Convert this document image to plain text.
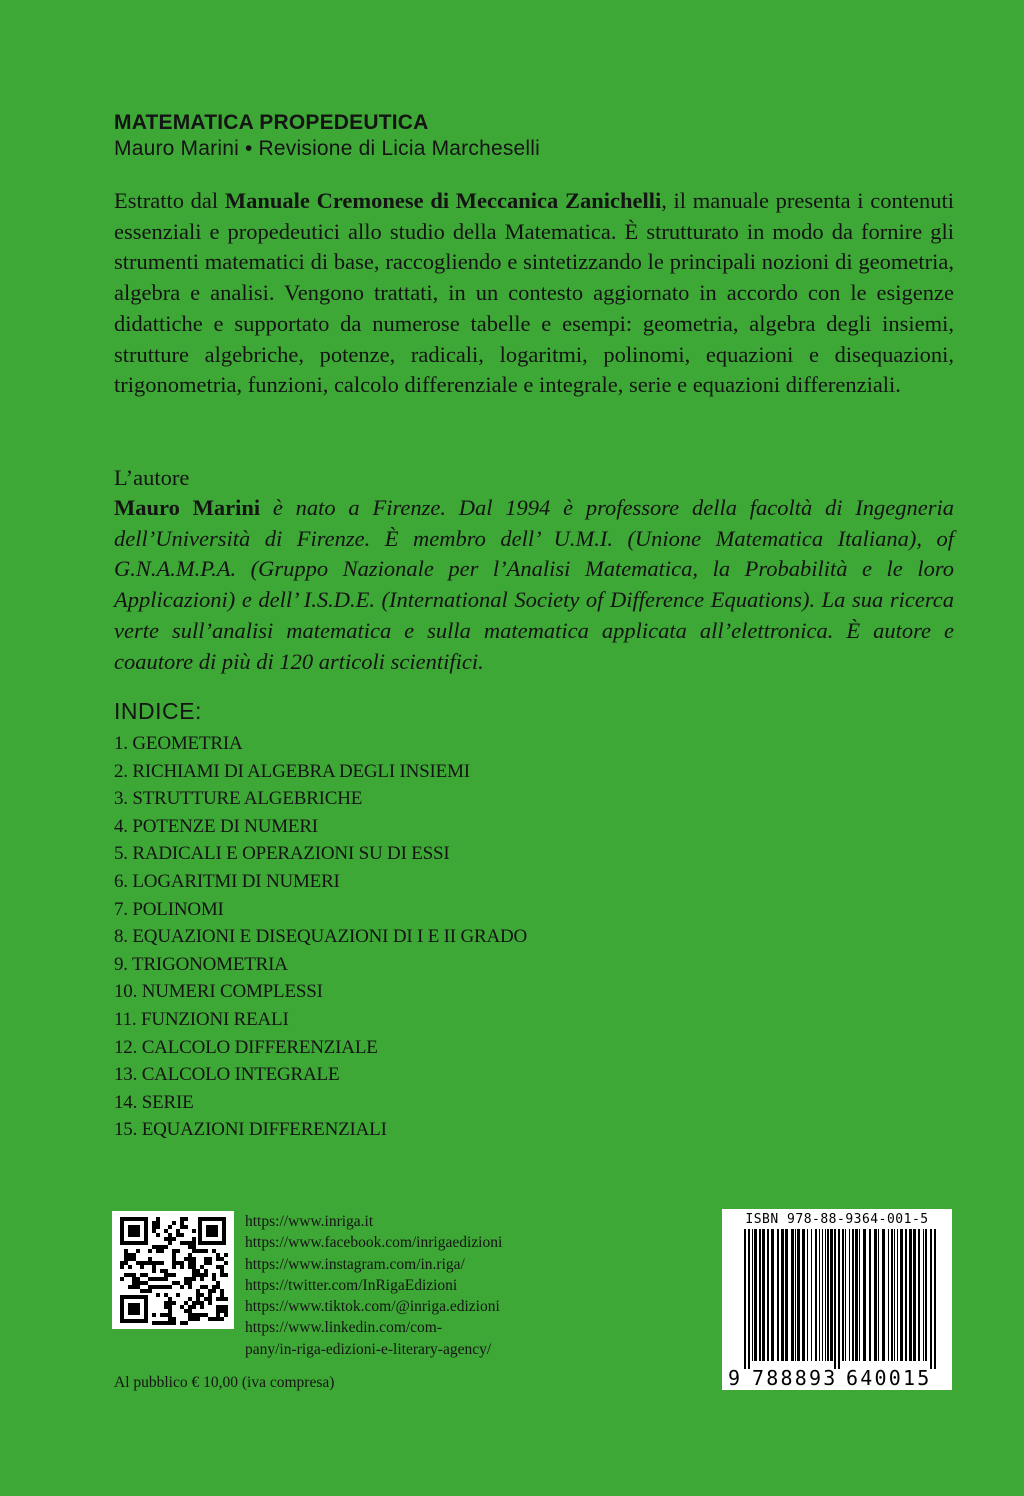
MATEMATICA PROPEDEUTICA
Mauro Marini • Revisione di Licia Marcheselli
Estratto dal Manuale Cremonese di Meccanica Zanichelli, il manuale presenta i contenuti essenziali e propedeutici allo studio della Matematica. È strutturato in modo da fornire gli strumenti matematici di base, raccogliendo e sintetizzando le principali nozioni di geometria, algebra e analisi. Vengono trattati, in un contesto aggiornato in accordo con le esigenze didattiche e supportato da numerose tabelle e esempi: geometria, algebra degli insiemi, strutture algebriche, potenze, radicali, logaritmi, polinomi, equazioni e disequazioni, trigonometria, funzioni, calcolo differenziale e integrale, serie e equazioni differenziali.
L’autore
Mauro Marini è nato a Firenze. Dal 1994 è professore della facoltà di Ingegneria dell’Università di Firenze. È membro dell’ U.M.I. (Unione Matematica Italiana), of G.N.A.M.P.A. (Gruppo Nazionale per l’Analisi Matematica, la Probabilità e le loro Applicazioni) e dell’ I.S.D.E. (International Society of Difference Equations). La sua ricerca verte sull’analisi matematica e sulla matematica applicata all’elettronica. È autore e coautore di più di 120 articoli scientifici.
INDICE:
1. GEOMETRIA
2. RICHIAMI DI ALGEBRA DEGLI INSIEMI
3. STRUTTURE ALGEBRICHE
4. POTENZE DI NUMERI
5. RADICALI E OPERAZIONI SU DI ESSI
6. LOGARITMI DI NUMERI
7. POLINOMI
8. EQUAZIONI E DISEQUAZIONI DI I E II GRADO
9. TRIGONOMETRIA
10. NUMERI COMPLESSI
11. FUNZIONI REALI
12. CALCOLO DIFFERENZIALE
13. CALCOLO INTEGRALE
14. SERIE
15. EQUAZIONI DIFFERENZIALI
https://www.inriga.it
https://www.facebook.com/inrigaedizioni
https://www.instagram.com/in.riga/
https://twitter.com/InRigaEdizioni
https://www.tiktok.com/@inriga.edizioni
https://www.linkedin.com/com-
pany/in-riga-edizioni-e-literary-agency/
Al pubblico € 10,00 (iva compresa)
ISBN 978-88-9364-001-5
9 788893 640015
